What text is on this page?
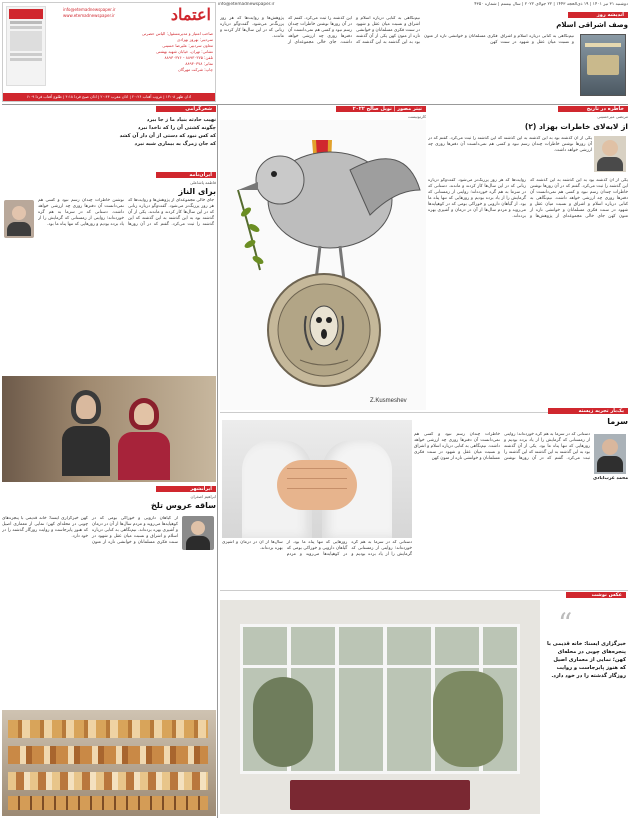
دوشنبه ۳۱ تیر ۱۴۰۱ | ۱۹ ذی‌الحجه ۱۴۴۳ | ۲۲ جولای ۲۰۲۲ | سال بیستم | شماره ۴۳۵۰
info@etemadnewspaper.ir
اعتماد
info@etemadnewspaper.ir
www.etemadnewspaper.ir
صاحب امتیاز و مدیرمسئول: الیاس حضرتی
سردبیر: بهروز بهزادی
معاون سردبیر: علیرضا حسینی
نشانی: تهران، خیابان شهید بهشتی
تلفن: ۸۸۹۳۰۳۷۵ - ۸۸۹۳۰۳۷۶
نمابر: ۸۸۹۳۰۳۷۸
چاپ: شرکت مهرگان
اذان ظهر ۱۳:۰۸ | غروب آفتاب ۲۰:۲۶ | اذان مغرب ۲۰:۴۴ | اذان صبح فردا ۴:۱۸ | طلوع آفتاب فردا ۶:۰۹
نیم‌نگاهی به کتابی درباره اسلام و اشراق و نسبت میان عقل و شهود در سنت فکری مسلمانان و خوانشی تازه از متون کهن یکی از آن گذشته بود به این گذشته به این گذشته که این گذشته را ثبت می‌کرد. گفتم که در آن روزها نوشتن خاطرات چندان رسم نبود و کسی هم نمی‌دانست آن دفترها روزی چه ارزشی خواهد داشت. جای خالی مجموعه‌ای از پژوهش‌ها و روایت‌ها که هر روز پررنگ‌تر می‌شود. گفت‌وگو درباره زنانی که در این سال‌ها کار کردند و ماندند.
اندیشه روز
وصف اشراقی اسلام
نیم‌نگاهی به کتابی درباره اسلام و اشراق و نسبت میان عقل و شهود در سنت فکری مسلمانان و خوانشی تازه از متون کهن
شعرگرامی
نهیب حادثه بنیاد ما ز جا ببرد
چگونه کشتی آن‌ را که ناخدا نبرد
که کس نبود که دستی از آن دار آن کشد
که جان زمرگ به بیماری شبه نبرد
ایران‌نامه
فاطمه پاشاعلی
برای الناز
جای خالی مجموعه‌ای از پژوهش‌ها و روایت‌ها که هر روز پررنگ‌تر می‌شود. گفت‌وگو درباره زنانی که در این سال‌ها کار کردند و ماندند. یکی از آن گذشته بود به این گذشته به این گذشته که این گذشته را ثبت می‌کرد. گفتم که در آن روزها نوشتن خاطرات چندان رسم نبود و کسی هم نمی‌دانست آن دفترها روزی چه ارزشی خواهد داشت. دستانی که در سرما به هم گره خورده‌اند؛ روایتی از زمستانی که گرمایش را از یاد برده بودیم و روزهایی که تنها پناه ما بود.
ایرانشهر
ابراهیم اصغران
ساقه عروس تلخ
از گیاهان دارویی و خوراکی بومی که در کوهپایه‌ها می‌روید و مردم سال‌ها از آن در درمان و آشپزی بهره برده‌اند. نیم‌نگاهی به کتابی درباره اسلام و اشراق و نسبت میان عقل و شهود در سنت فکری مسلمانان و خوانشی تازه از متون کهن خبرگزاری ایسنا: خانه قدیمی با پنجره‌های چوبی در محله‌ای کهن؛ نمایی از معماری اصیل که هنوز پابرجاست و روایت روزگار گذشته را در خود دارد.
تیتر مصور | توپل صالح ۲۰۲۲
کارتونیست
Z.Kusmeshev
خاطره در تاریخ
مرتضی میرحسینی
از لابه‌لای خاطرات بهزاد (۲)
یکی از آن گذشته بود به این گذشته به این گذشته که این گذشته را ثبت می‌کرد. گفتم که در آن روزها نوشتن خاطرات چندان رسم نبود و کسی هم نمی‌دانست آن دفترها روزی چه ارزشی خواهد داشت.
یکی از آن گذشته بود به این گذشته به این گذشته که این گذشته را ثبت می‌کرد. گفتم که در آن روزها نوشتن خاطرات چندان رسم نبود و کسی هم نمی‌دانست آن دفترها روزی چه ارزشی خواهد داشت. نیم‌نگاهی به کتابی درباره اسلام و اشراق و نسبت میان عقل و شهود در سنت فکری مسلمانان و خوانشی تازه از متون کهن جای خالی مجموعه‌ای از پژوهش‌ها و روایت‌ها که هر روز پررنگ‌تر می‌شود. گفت‌وگو درباره زنانی که در این سال‌ها کار کردند و ماندند. دستانی که در سرما به هم گره خورده‌اند؛ روایتی از زمستانی که گرمایش را از یاد برده بودیم و روزهایی که تنها پناه ما بود. از گیاهان دارویی و خوراکی بومی که در کوهپایه‌ها می‌روید و مردم سال‌ها از آن در درمان و آشپزی بهره برده‌اند.
یک‌بار تجربه زیسته
سرما
محمد عرب‌آبادی
دستانی که در سرما به هم گره خورده‌اند؛ روایتی از زمستانی که گرمایش را از یاد برده بودیم و روزهایی که تنها پناه ما بود. یکی از آن گذشته بود به این گذشته به این گذشته که این گذشته را ثبت می‌کرد. گفتم که در آن روزها نوشتن خاطرات چندان رسم نبود و کسی هم نمی‌دانست آن دفترها روزی چه ارزشی خواهد داشت. نیم‌نگاهی به کتابی درباره اسلام و اشراق و نسبت میان عقل و شهود در سنت فکری مسلمانان و خوانشی تازه از متون کهن
دستانی که در سرما به هم گره خورده‌اند؛ روایتی از زمستانی که گرمایش را از یاد برده بودیم و روزهایی که تنها پناه ما بود. از گیاهان دارویی و خوراکی بومی که در کوهپایه‌ها می‌روید و مردم سال‌ها از آن در درمان و آشپزی بهره برده‌اند.
عکس نوشت
“
خبرگزاری ایسنا: خانه قدیمی با پنجره‌های چوبی در محله‌ای کهن؛ نمایی از معماری اصیل که هنوز پابرجاست و روایت روزگار گذشته را در خود دارد.
